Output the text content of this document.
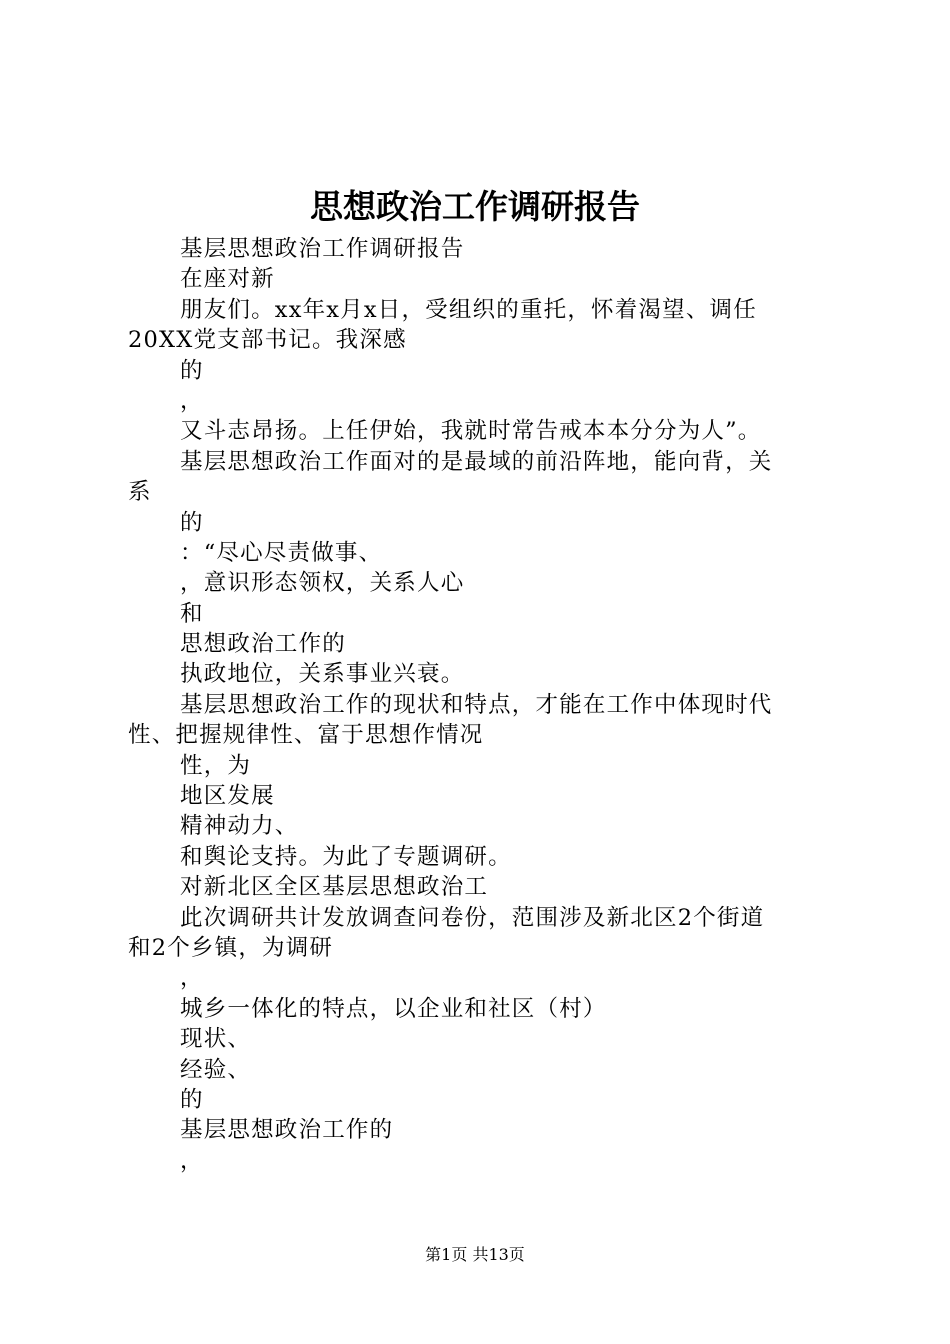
思想政治工作调研报告
基层思想政治工作调研报告
在座对新
朋友们。xx年x月x日，受组织的重托，怀着渴望、调任
20XX党支部书记。我深感
的
，
又斗志昂扬。上任伊始，我就时常告戒本本分分为人”。
基层思想政治工作面对的是最域的前沿阵地，能向背，关
系
的
：“尽心尽责做事、
，意识形态领权，关系人心
和
思想政治工作的
执政地位，关系事业兴衰。
基层思想政治工作的现状和特点，才能在工作中体现时代
性、把握规律性、富于思想作情况
性，为
地区发展
精神动力、
和舆论支持。为此了专题调研。
对新北区全区基层思想政治工
此次调研共计发放调查问卷份，范围涉及新北区2个街道
和2个乡镇，为调研
，
城乡一体化的特点，以企业和社区（村）
现状、
经验、
的
基层思想政治工作的
，
第1页 共13页
